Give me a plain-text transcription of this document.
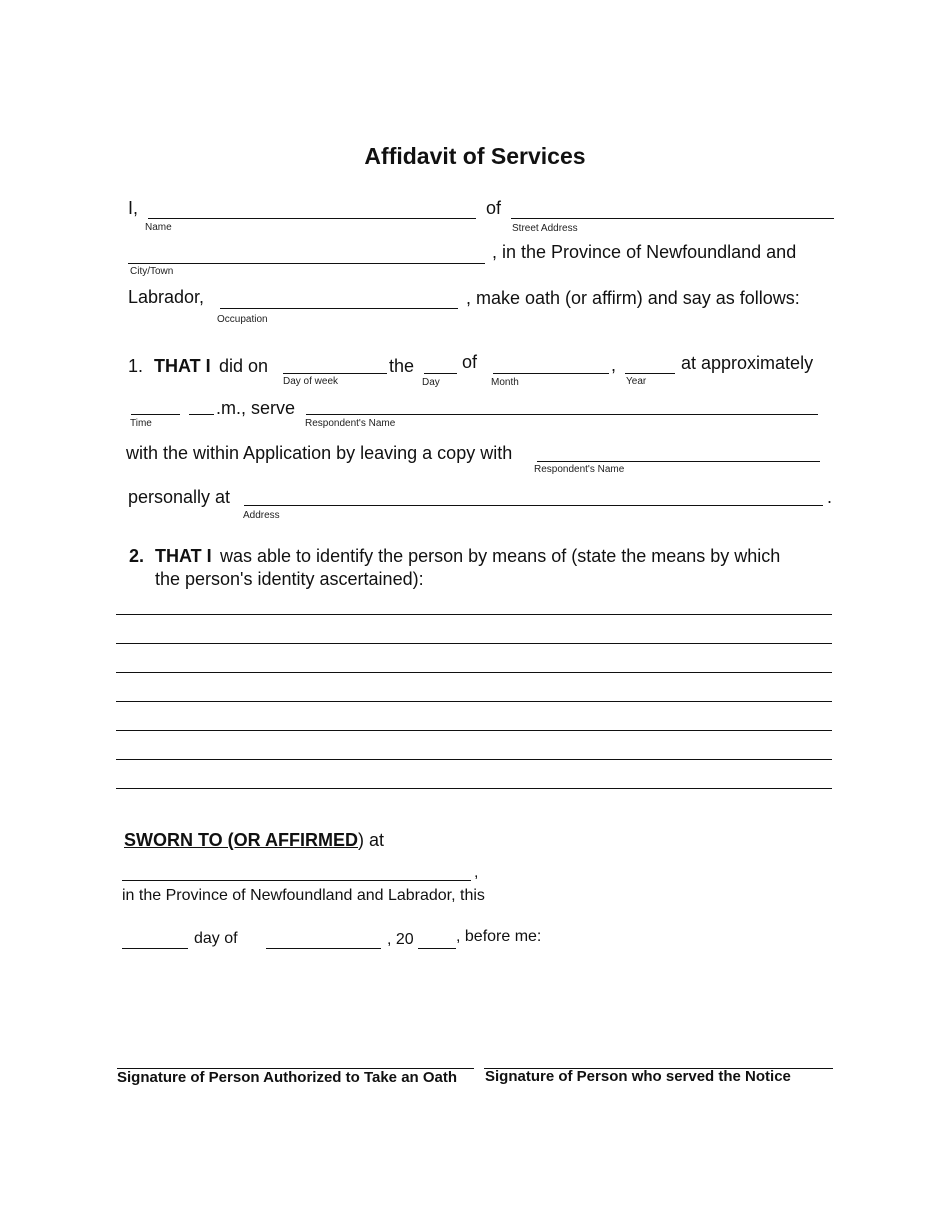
Affidavit of Services
I,
Name
of
Street Address
, in the Province of Newfoundland and
City/Town
Labrador,	, make oath (or affirm) and say as follows:
Occupation
1. THAT I did on	the	of	,	at approximately
Day of week	Day	Month	Year
.m., serve
Time	Respondent's Name
with the within Application by leaving a copy with
Respondent's Name
personally at	.
Address
2. THAT I was able to identify the person by means of (state the means by which
the person's identity ascertained):
SWORN TO (OR AFFIRMED) at
,
in the Province of Newfoundland and Labrador, this
day of	, 20	, before me:
Signature of Person Authorized to Take an Oath Signature of Person who served the Notice
